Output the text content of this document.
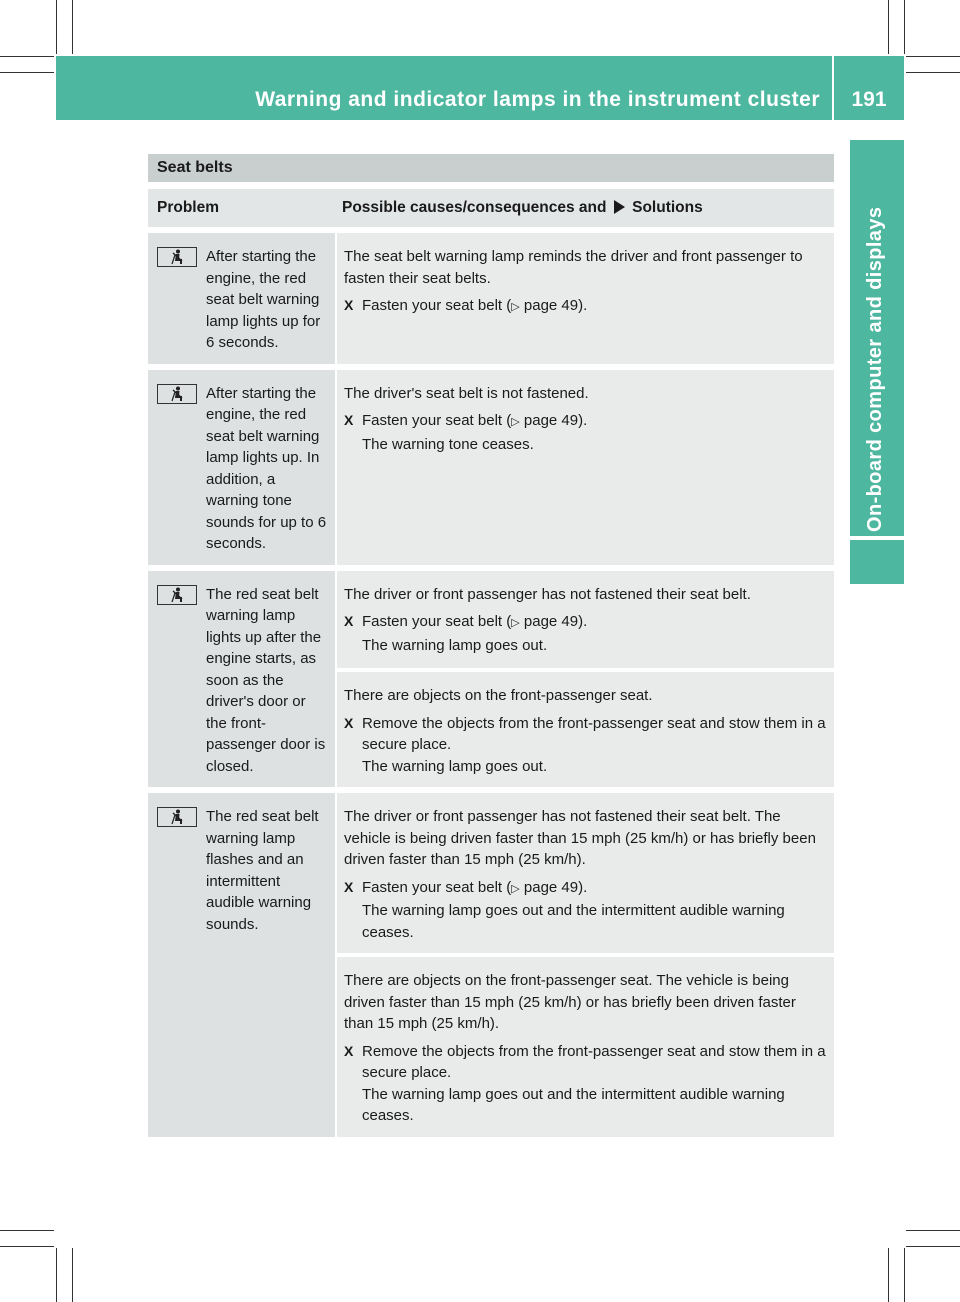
Warning and indicator lamps in the instrument cluster	191
On-board computer and displays
Seat belts
Problem	Possible causes/consequences and Solutions
After starting the engine, the red seat belt warning lamp lights up for 6 seconds.
The seat belt warning lamp reminds the driver and front passenger to fasten their seat belts.
X Fasten your seat belt (▷ page 49).
After starting the engine, the red seat belt warning lamp lights up. In addition, a warning tone sounds for up to 6 seconds.
The driver's seat belt is not fastened.
X Fasten your seat belt (▷ page 49).
The warning tone ceases.
The red seat belt warning lamp lights up after the engine starts, as soon as the driver's door or the front-passenger door is closed.
The driver or front passenger has not fastened their seat belt.
X Fasten your seat belt (▷ page 49).
The warning lamp goes out.
There are objects on the front-passenger seat.
X Remove the objects from the front-passenger seat and stow them in a secure place.
The warning lamp goes out.
The red seat belt warning lamp flashes and an intermittent audible warning sounds.
The driver or front passenger has not fastened their seat belt. The vehicle is being driven faster than 15 mph (25 km/h) or has briefly been driven faster than 15 mph (25 km/h).
X Fasten your seat belt (▷ page 49).
The warning lamp goes out and the intermittent audible warning ceases.
There are objects on the front-passenger seat. The vehicle is being driven faster than 15 mph (25 km/h) or has briefly been driven faster than 15 mph (25 km/h).
X Remove the objects from the front-passenger seat and stow them in a secure place.
The warning lamp goes out and the intermittent audible warning ceases.
